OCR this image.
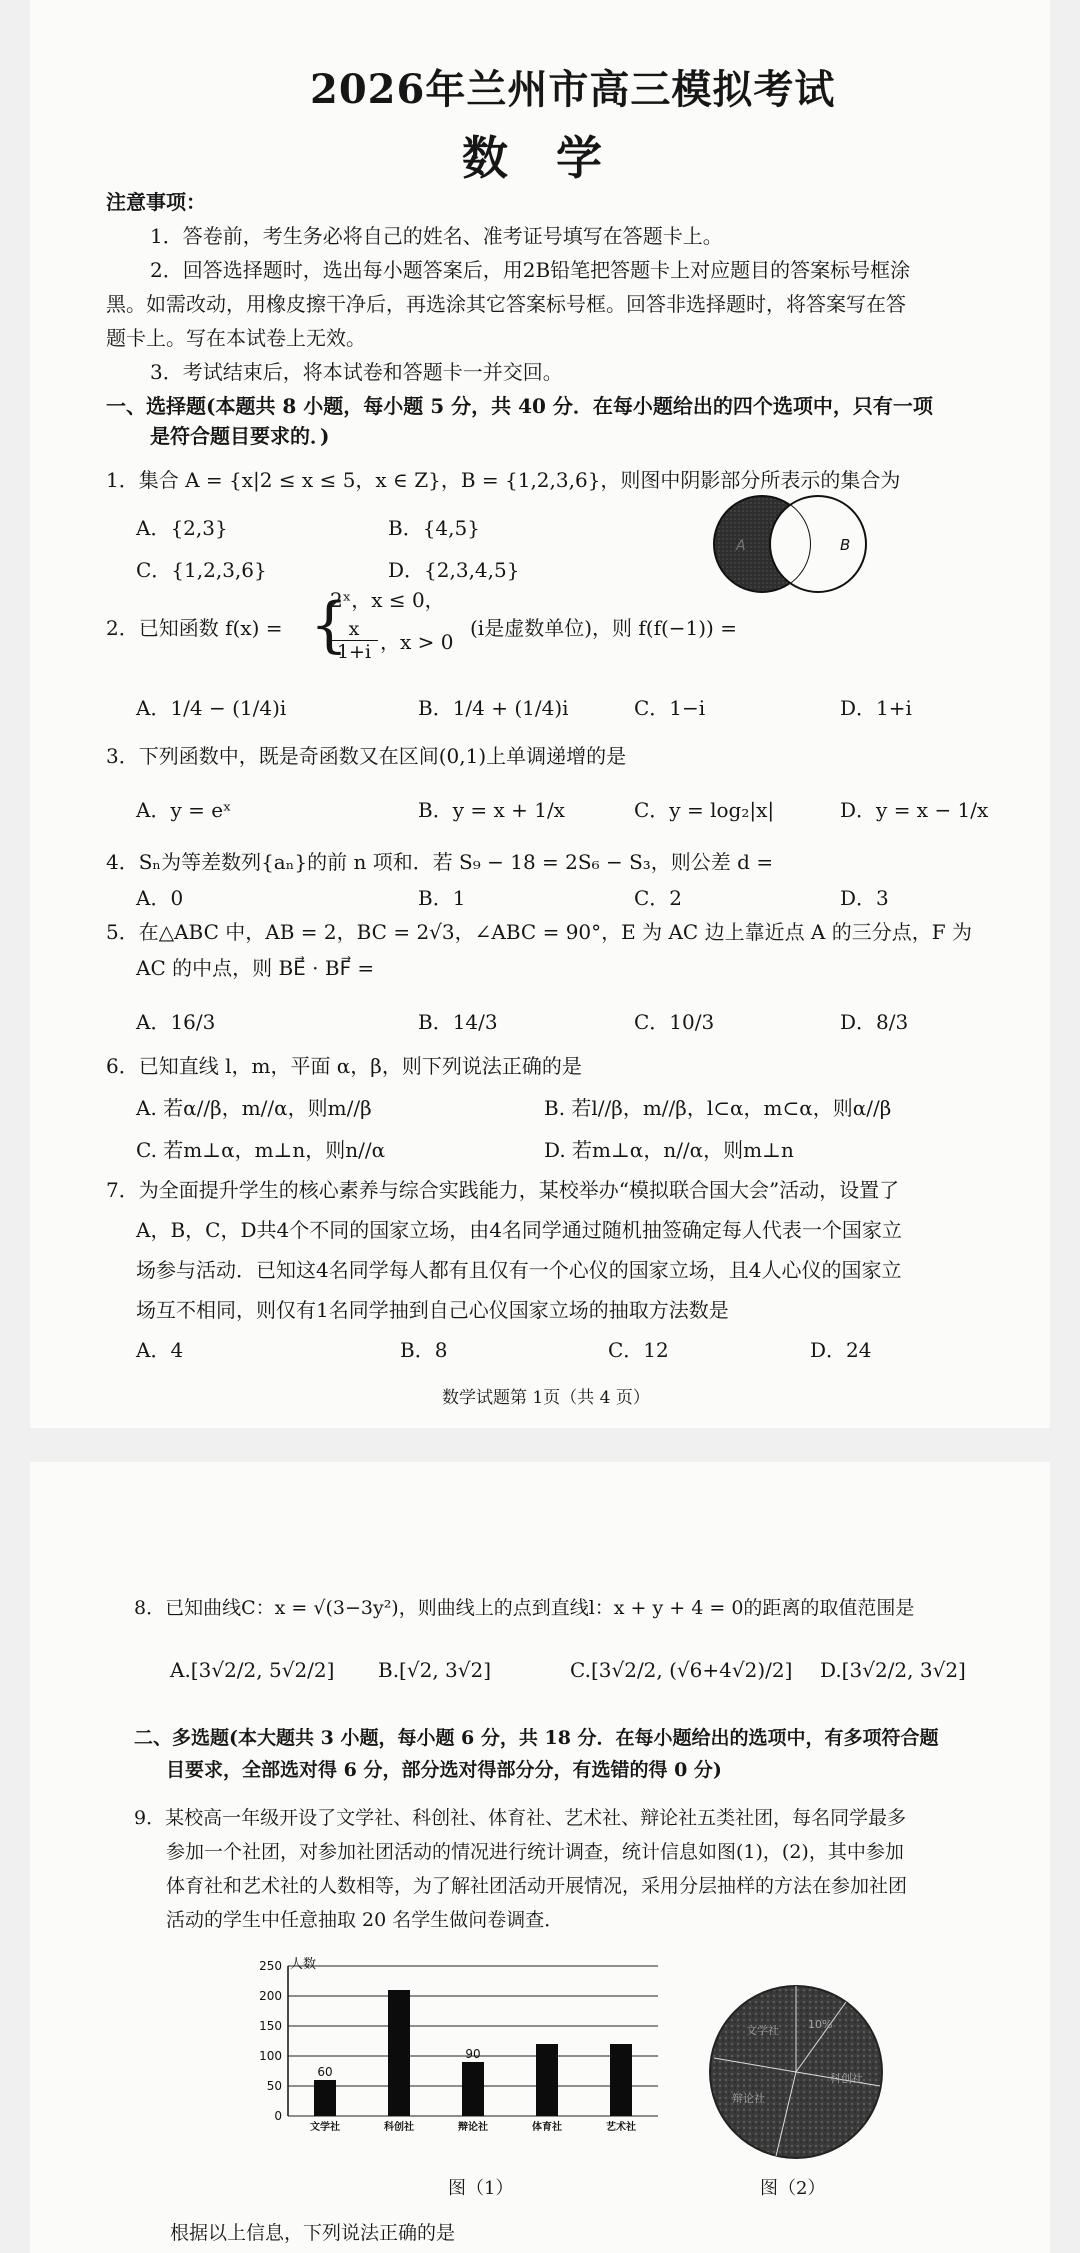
2026年兰州市高三模拟考试
数学
注意事项：
1．答卷前，考生务必将自己的姓名、准考证号填写在答题卡上。
2．回答选择题时，选出每小题答案后，用2B铅笔把答题卡上对应题目的答案标号框涂
黑。如需改动，用橡皮擦干净后，再选涂其它答案标号框。回答非选择题时，将答案写在答
题卡上。写在本试卷上无效。
3．考试结束后，将本试卷和答题卡一并交回。
一、选择题(本题共 8 小题，每小题 5 分，共 40 分．在每小题给出的四个选项中，只有一项
是符合题目要求的．)
1．集合 A = {x|2 ≤ x ≤ 5，x ∈ Z}，B = {1,2,3,6}，则图中阴影部分所表示的集合为
A．{2,3}	B．{4,5}
C．{1,2,3,6}	D．{2,3,4,5}
A	B
2．已知函数 f(x) = {
2ˣ，x ≤ 0，
$\frac{x}{1+i}$ ，x > 0
(i是虚数单位)，则 f(f(−1)) =
A．1/4 − (1/4)i	B．1/4 + (1/4)i	C．1−i	D．1+i
3．下列函数中，既是奇函数又在区间(0,1)上单调递增的是
A．y = eˣ	B．y = x + 1/x	C．y = log₂|x|	D．y = x − 1/x
4．Sₙ为等差数列{aₙ}的前 n 项和．若 S₉ − 18 = 2S₆ − S₃，则公差 d =
A．0	B．1	C．2	D．3
5．在△ABC 中，AB = 2，BC = 2√3，∠ABC = 90°，E 为 AC 边上靠近点 A 的三分点，F 为
AC 的中点，则 BE⃗ · BF⃗ =
A．16/3	B．14/3	C．10/3	D．8/3
6．已知直线 l，m，平面 α，β，则下列说法正确的是
A. 若α//β，m//α，则m//β	B. 若l//β，m//β，l⊂α，m⊂α，则α//β
C. 若m⊥α，m⊥n，则n//α	D. 若m⊥α，n//α，则m⊥n
7．为全面提升学生的核心素养与综合实践能力，某校举办“模拟联合国大会”活动，设置了
A，B，C，D共4个不同的国家立场，由4名同学通过随机抽签确定每人代表一个国家立
场参与活动．已知这4名同学每人都有且仅有一个心仪的国家立场，且4人心仪的国家立
场互不相同，则仅有1名同学抽到自己心仪国家立场的抽取方法数是
A．4	B．8	C．12	D．24
数学试题第 1页（共 4 页）
8．已知曲线C：x = √(3−3y²)，则曲线上的点到直线l：x + y + 4 = 0的距离的取值范围是
A.[3√2/2, 5√2/2] B.[√2, 3√2]	C.[3√2/2, (√6+4√2)/2] D.[3√2/2, 3√2]
二、多选题(本大题共 3 小题，每小题 6 分，共 18 分．在每小题给出的选项中，有多项符合题
目要求，全部选对得 6 分，部分选对得部分分，有选错的得 0 分)
9．某校高一年级开设了文学社、科创社、体育社、艺术社、辩论社五类社团，每名同学最多
参加一个社团，对参加社团活动的情况进行统计调查，统计信息如图(1)，(2)，其中参加
体育社和艺术社的人数相等，为了解社团活动开展情况，采用分层抽样的方法在参加社团
活动的学生中任意抽取 20 名学生做问卷调查．
人数
0
50
100
150
200
250
文学社
60
科创社	辩论社
90
体育社	艺术社
图（1）
文学社	10%
科创社
辩论社
图（2）
根据以上信息，下列说法正确的是
